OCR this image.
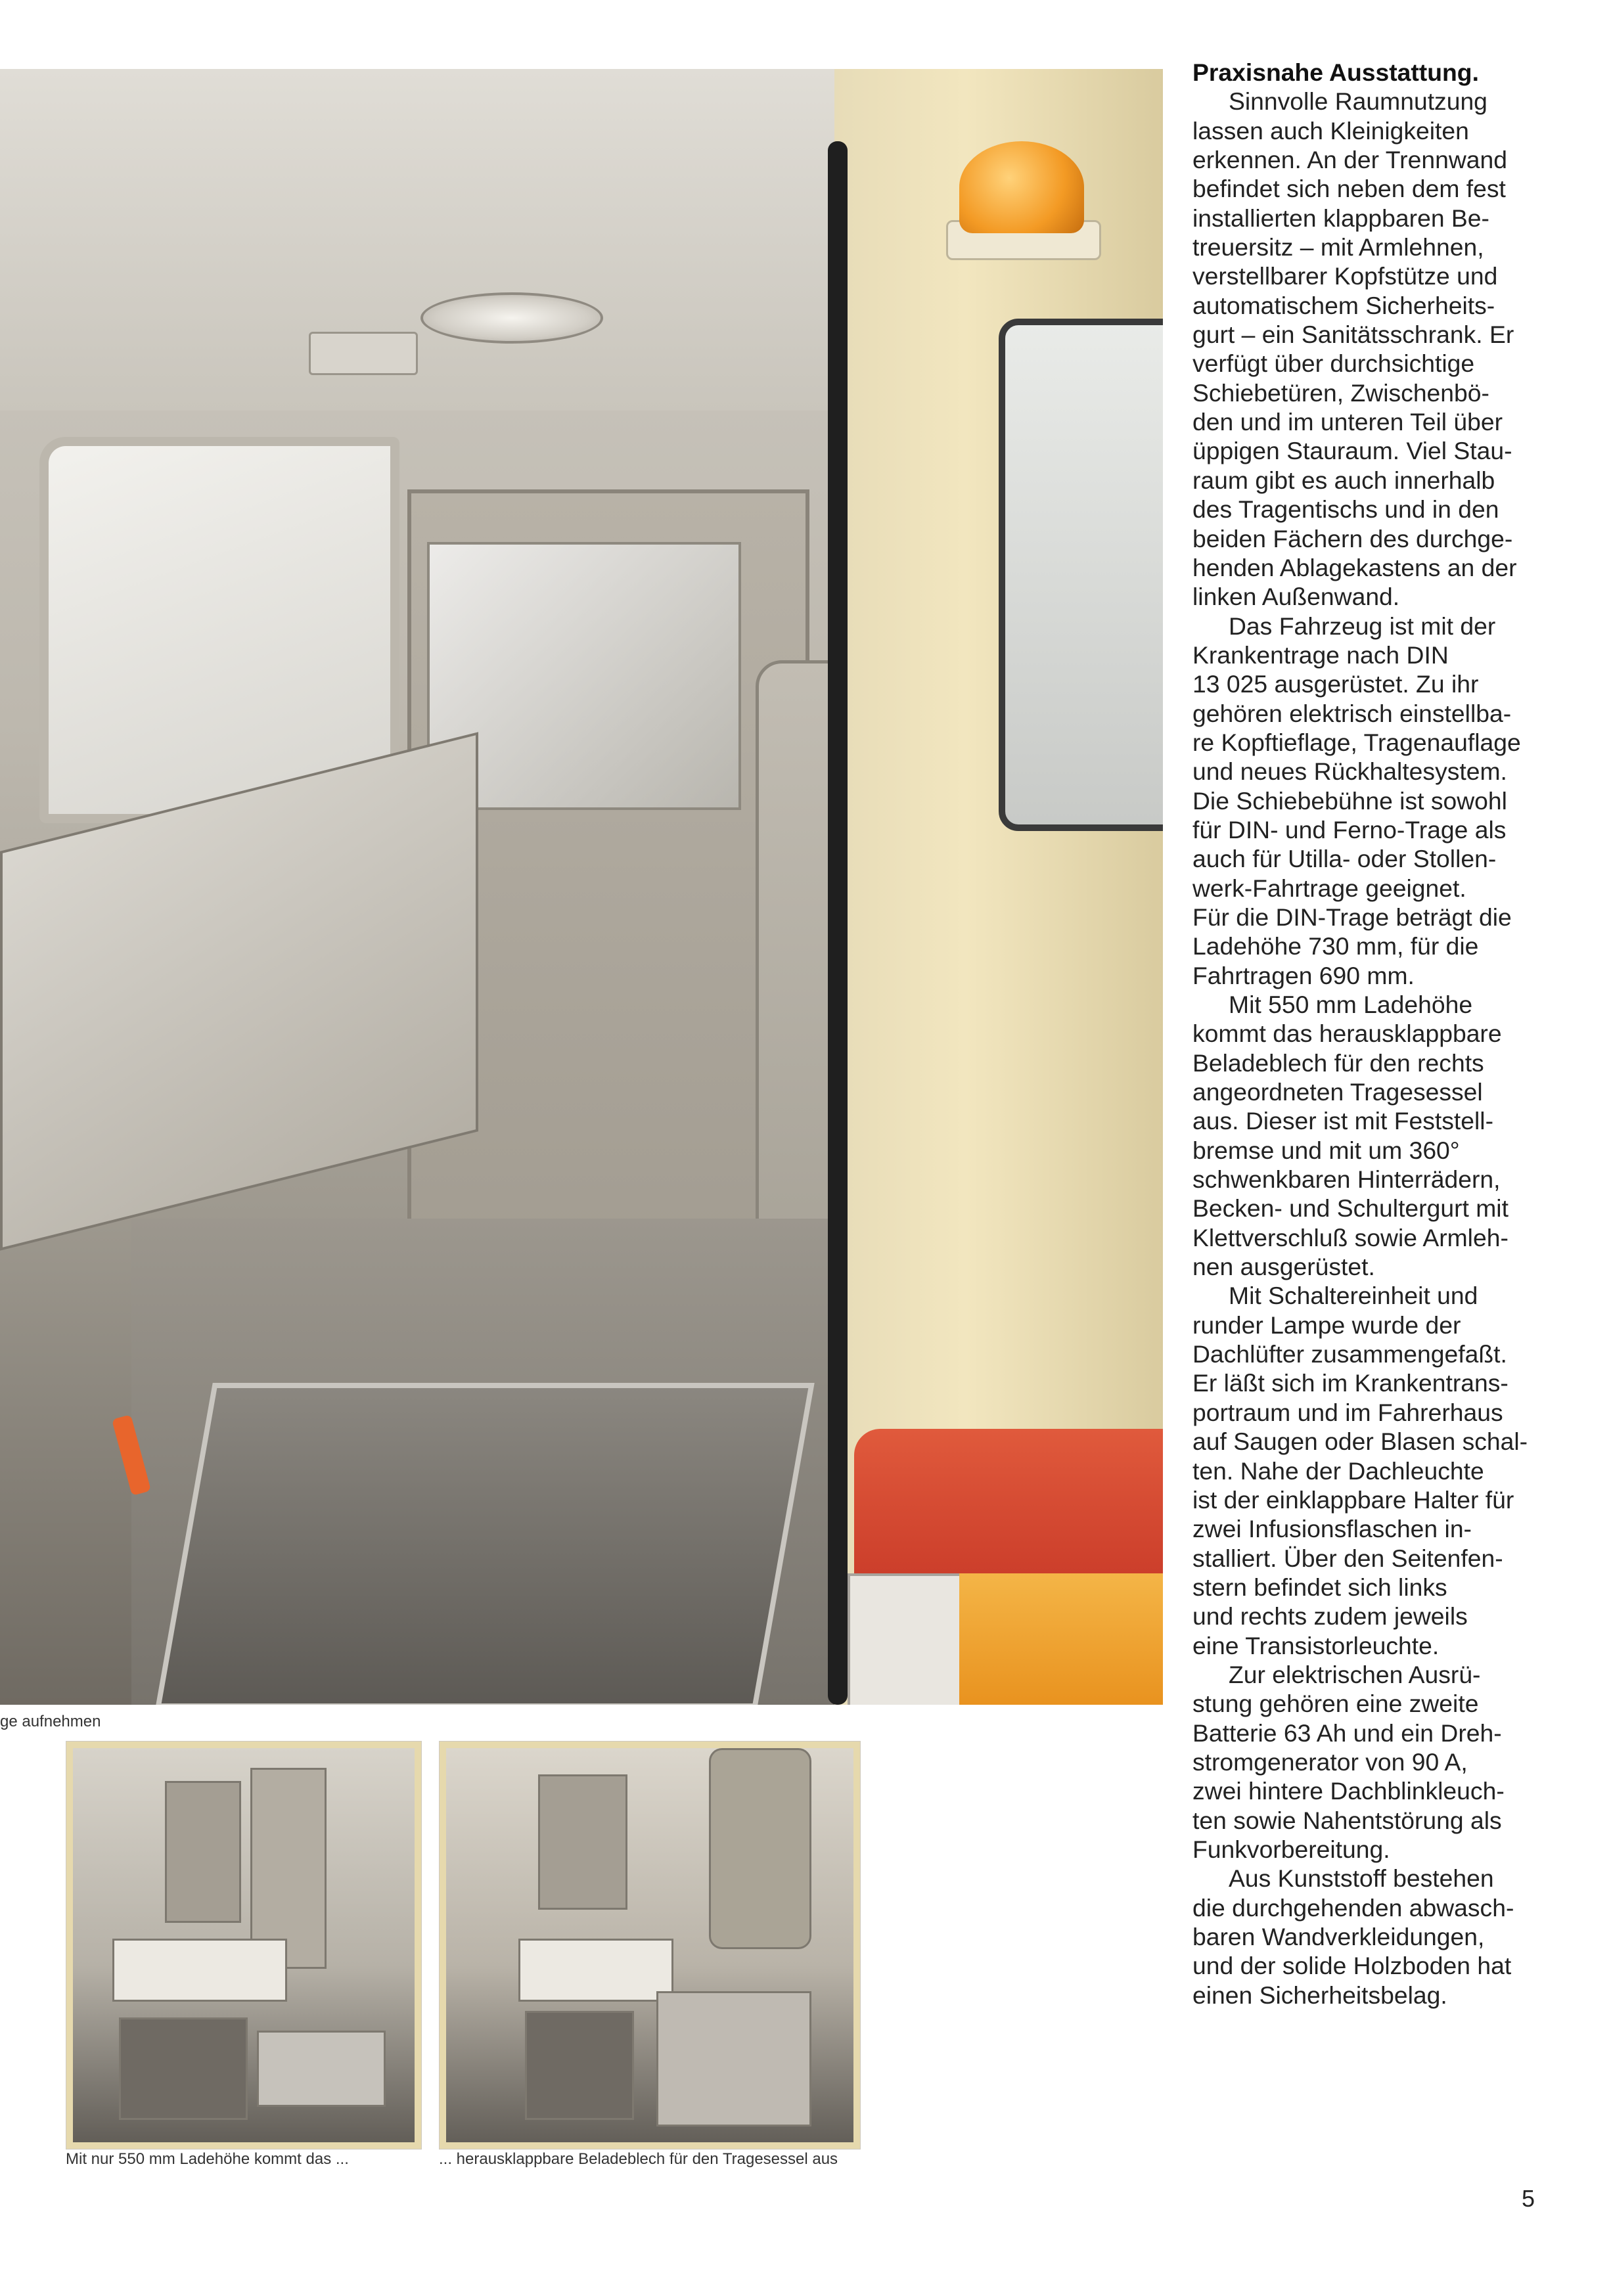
ge aufnehmen
Mit nur 550 mm Ladehöhe kommt das ...	... herausklappbare Beladeblech für den Tragesessel aus
Praxisnahe Ausstattung.
Sinnvolle Raumnutzung
lassen auch Kleinigkeiten
erkennen. An der Trennwand
befindet sich neben dem fest
installierten klappbaren Be-
treuersitz – mit Armlehnen,
verstellbarer Kopfstütze und
automatischem Sicherheits-
gurt – ein Sanitätsschrank. Er
verfügt über durchsichtige
Schiebetüren, Zwischenbö-
den und im unteren Teil über
üppigen Stauraum. Viel Stau-
raum gibt es auch innerhalb
des Tragentischs und in den
beiden Fächern des durchge-
henden Ablagekastens an der
linken Außenwand.
Das Fahrzeug ist mit der
Krankentrage nach DIN
13 025 ausgerüstet. Zu ihr
gehören elektrisch einstellba-
re Kopftieflage, Tragenauflage
und neues Rückhaltesystem.
Die Schiebebühne ist sowohl
für DIN- und Ferno-Trage als
auch für Utilla- oder Stollen-
werk-Fahrtrage geeignet.
Für die DIN-Trage beträgt die
Ladehöhe 730 mm, für die
Fahrtragen 690 mm.
Mit 550 mm Ladehöhe
kommt das herausklappbare
Beladeblech für den rechts
angeordneten Tragesessel
aus. Dieser ist mit Feststell-
bremse und mit um 360°
schwenkbaren Hinterrädern,
Becken- und Schultergurt mit
Klettverschluß sowie Armleh-
nen ausgerüstet.
Mit Schaltereinheit und
runder Lampe wurde der
Dachlüfter zusammengefaßt.
Er läßt sich im Krankentrans-
portraum und im Fahrerhaus
auf Saugen oder Blasen schal-
ten. Nahe der Dachleuchte
ist der einklappbare Halter für
zwei Infusionsflaschen in-
stalliert. Über den Seitenfen-
stern befindet sich links
und rechts zudem jeweils
eine Transistorleuchte.
Zur elektrischen Ausrü-
stung gehören eine zweite
Batterie 63 Ah und ein Dreh-
stromgenerator von 90 A,
zwei hintere Dachblinkleuch-
ten sowie Nahentstörung als
Funkvorbereitung.
Aus Kunststoff bestehen
die durchgehenden abwasch-
baren Wandverkleidungen,
und der solide Holzboden hat
einen Sicherheitsbelag.
5
